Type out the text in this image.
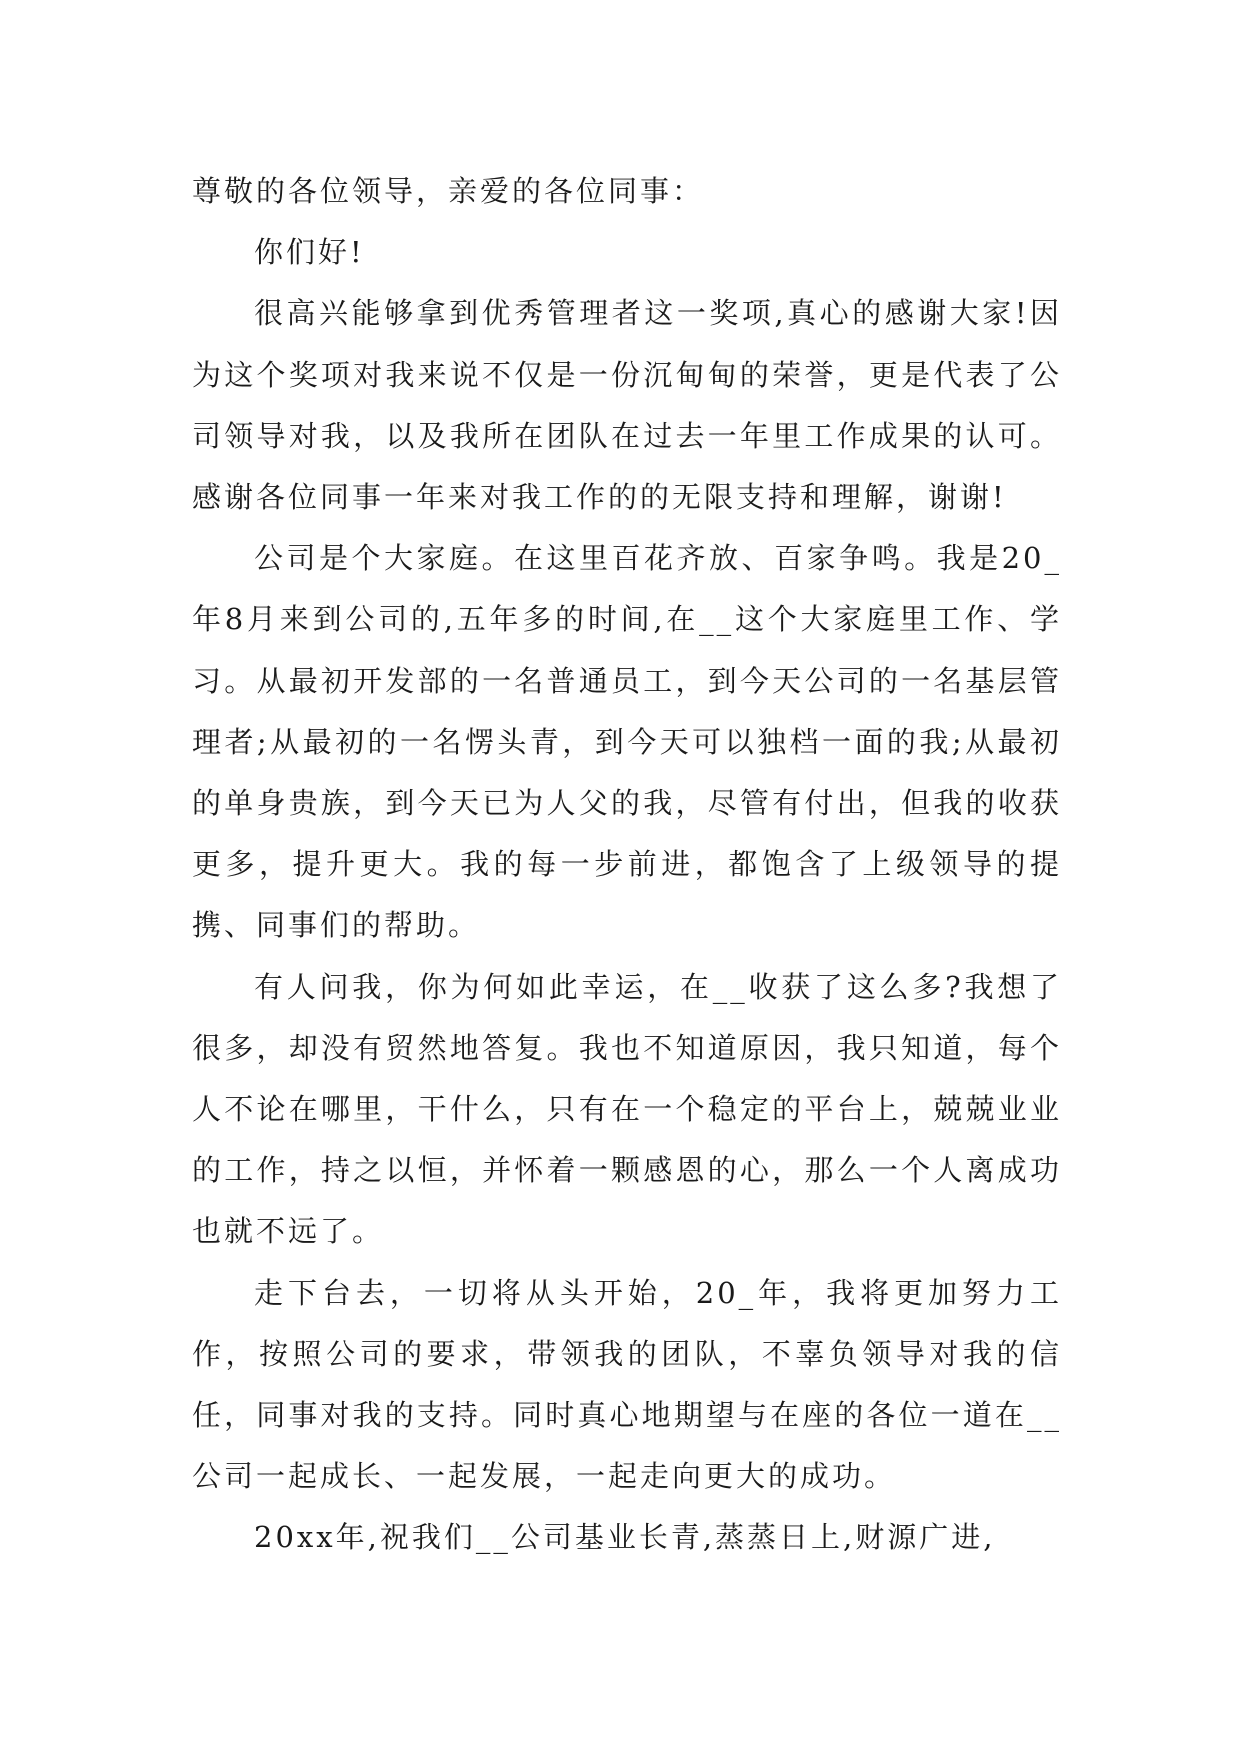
尊敬的各位领导，亲爱的各位同事：

你们好!

很高兴能够拿到优秀管理者这一奖项,真心的感谢大家!因为这个奖项对我来说不仅是一份沉甸甸的荣誉，更是代表了公司领导对我，以及我所在团队在过去一年里工作成果的认可。感谢各位同事一年来对我工作的的无限支持和理解，谢谢!

公司是个大家庭。在这里百花齐放、百家争鸣。我是20_年8月来到公司的,五年多的时间,在__这个大家庭里工作、学习。从最初开发部的一名普通员工，到今天公司的一名基层管理者;从最初的一名愣头青，到今天可以独档一面的我;从最初的单身贵族，到今天已为人父的我，尽管有付出，但我的收获更多，提升更大。我的每一步前进，都饱含了上级领导的提携、同事们的帮助。

有人问我，你为何如此幸运，在__收获了这么多?我想了很多，却没有贸然地答复。我也不知道原因，我只知道，每个人不论在哪里，干什么，只有在一个稳定的平台上，兢兢业业的工作，持之以恒，并怀着一颗感恩的心，那么一个人离成功也就不远了。

走下台去，一切将从头开始，20_年，我将更加努力工作，按照公司的要求，带领我的团队，不辜负领导对我的信任，同事对我的支持。同时真心地期望与在座的各位一道在__公司一起成长、一起发展，一起走向更大的成功。

20xx年,祝我们__公司基业长青,蒸蒸日上,财源广进,
